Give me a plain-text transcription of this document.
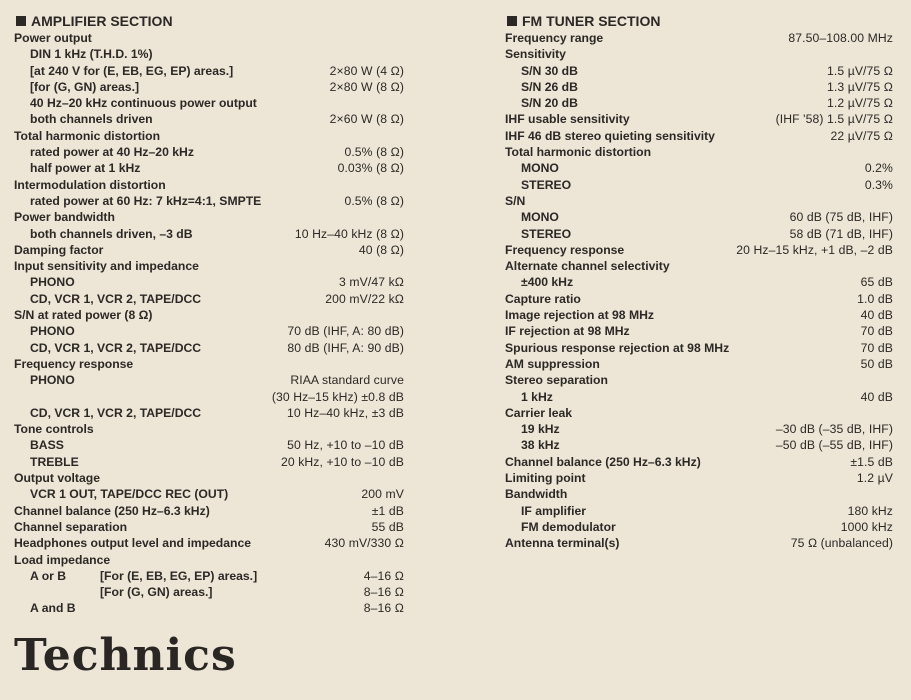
AMPLIFIER SECTION
Power output
DIN 1 kHz (T.H.D. 1%)
[at 240 V for (E, EB, EG, EP) areas.]	2×80 W (4 Ω)
[for (G, GN) areas.]	2×80 W (8 Ω)
40 Hz–20 kHz continuous power output
both channels driven	2×60 W (8 Ω)
Total harmonic distortion
rated power at 40 Hz–20 kHz	0.5% (8 Ω)
half power at 1 kHz	0.03% (8 Ω)
Intermodulation distortion
rated power at 60 Hz: 7 kHz=4:1, SMPTE	0.5% (8 Ω)
Power bandwidth
both channels driven, –3 dB	10 Hz–40 kHz (8 Ω)
Damping factor	40 (8 Ω)
Input sensitivity and impedance
PHONO	3 mV/47 kΩ
CD, VCR 1, VCR 2, TAPE/DCC	200 mV/22 kΩ
S/N at rated power (8 Ω)
PHONO	70 dB (IHF, A: 80 dB)
CD, VCR 1, VCR 2, TAPE/DCC	80 dB (IHF, A: 90 dB)
Frequency response
PHONO	RIAA standard curve
(30 Hz–15 kHz) ±0.8 dB
CD, VCR 1, VCR 2, TAPE/DCC	10 Hz–40 kHz, ±3 dB
Tone controls
BASS	50 Hz, +10 to –10 dB
TREBLE	20 kHz, +10 to –10 dB
Output voltage
VCR 1 OUT, TAPE/DCC REC (OUT)	200 mV
Channel balance (250 Hz–6.3 kHz)	±1 dB
Channel separation	55 dB
Headphones output level and impedance	430 mV/330 Ω
Load impedance
A or B	[For (E, EB, EG, EP) areas.]	4–16 Ω
[For (G, GN) areas.]	8–16 Ω
A and B	8–16 Ω
FM TUNER SECTION
Frequency range	87.50–108.00 MHz
Sensitivity
S/N 30 dB	1.5 µV/75 Ω
S/N 26 dB	1.3 µV/75 Ω
S/N 20 dB	1.2 µV/75 Ω
IHF usable sensitivity	(IHF '58) 1.5 µV/75 Ω
IHF 46 dB stereo quieting sensitivity	22 µV/75 Ω
Total harmonic distortion
MONO	0.2%
STEREO	0.3%
S/N
MONO	60 dB (75 dB, IHF)
STEREO	58 dB (71 dB, IHF)
Frequency response	20 Hz–15 kHz, +1 dB, –2 dB
Alternate channel selectivity
±400 kHz	65 dB
Capture ratio	1.0 dB
Image rejection at 98 MHz	40 dB
IF rejection at 98 MHz	70 dB
Spurious response rejection at 98 MHz	70 dB
AM suppression	50 dB
Stereo separation
1 kHz	40 dB
Carrier leak
19 kHz	–30 dB (–35 dB, IHF)
38 kHz	–50 dB (–55 dB, IHF)
Channel balance (250 Hz–6.3 kHz)	±1.5 dB
Limiting point	1.2 µV
Bandwidth
IF amplifier	180 kHz
FM demodulator	1000 kHz
Antenna terminal(s)	75 Ω (unbalanced)
Technics
